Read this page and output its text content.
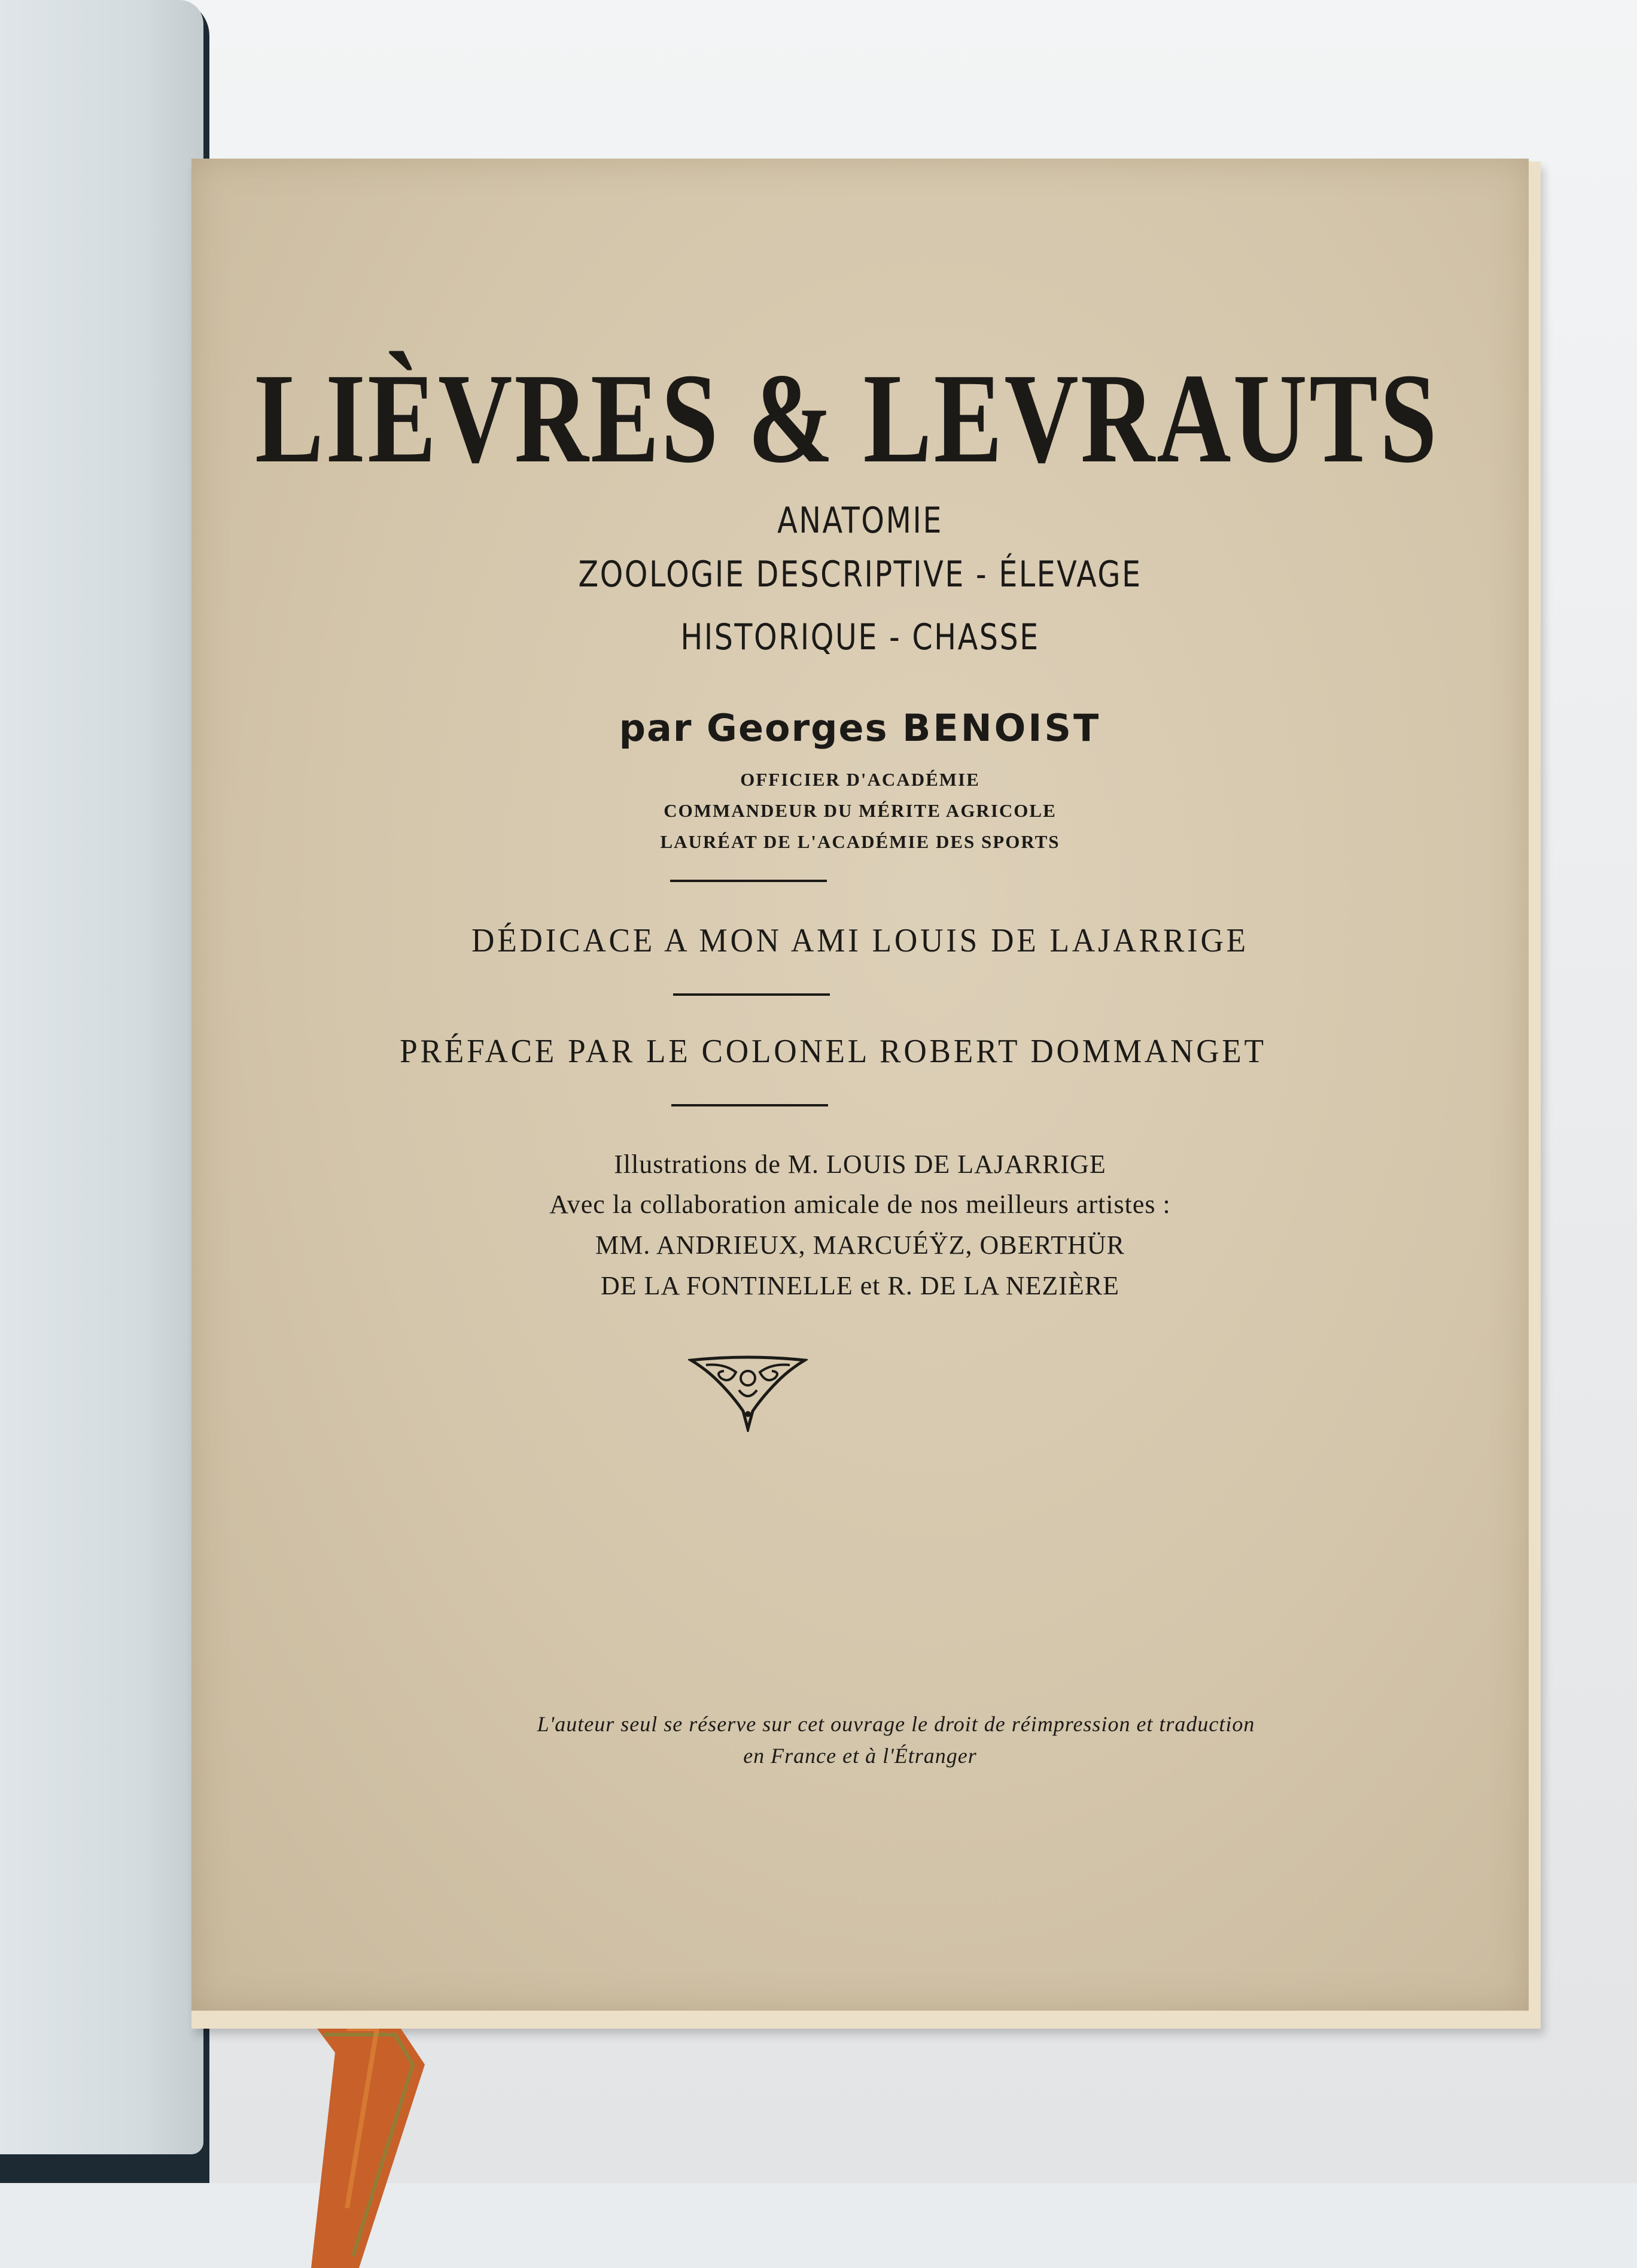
LIÈVRES & LEVRAUTS
ANATOMIE
ZOOLOGIE DESCRIPTIVE - ÉLEVAGE
HISTORIQUE - CHASSE
par Georges BENOIST
OFFICIER D'ACADÉMIE
COMMANDEUR DU MÉRITE AGRICOLE
LAURÉAT DE L'ACADÉMIE DES SPORTS
DÉDICACE A MON AMI LOUIS DE LAJARRIGE
PRÉFACE PAR LE COLONEL ROBERT DOMMANGET
Illustrations de M. LOUIS DE LAJARRIGE
Avec la collaboration amicale de nos meilleurs artistes :
MM. ANDRIEUX, MARCUÉŸZ, OBERTHÜR
DE LA FONTINELLE et R. DE LA NEZIÈRE
L'auteur seul se réserve sur cet ouvrage le droit de réimpression et traduction
en France et à l'Étranger
